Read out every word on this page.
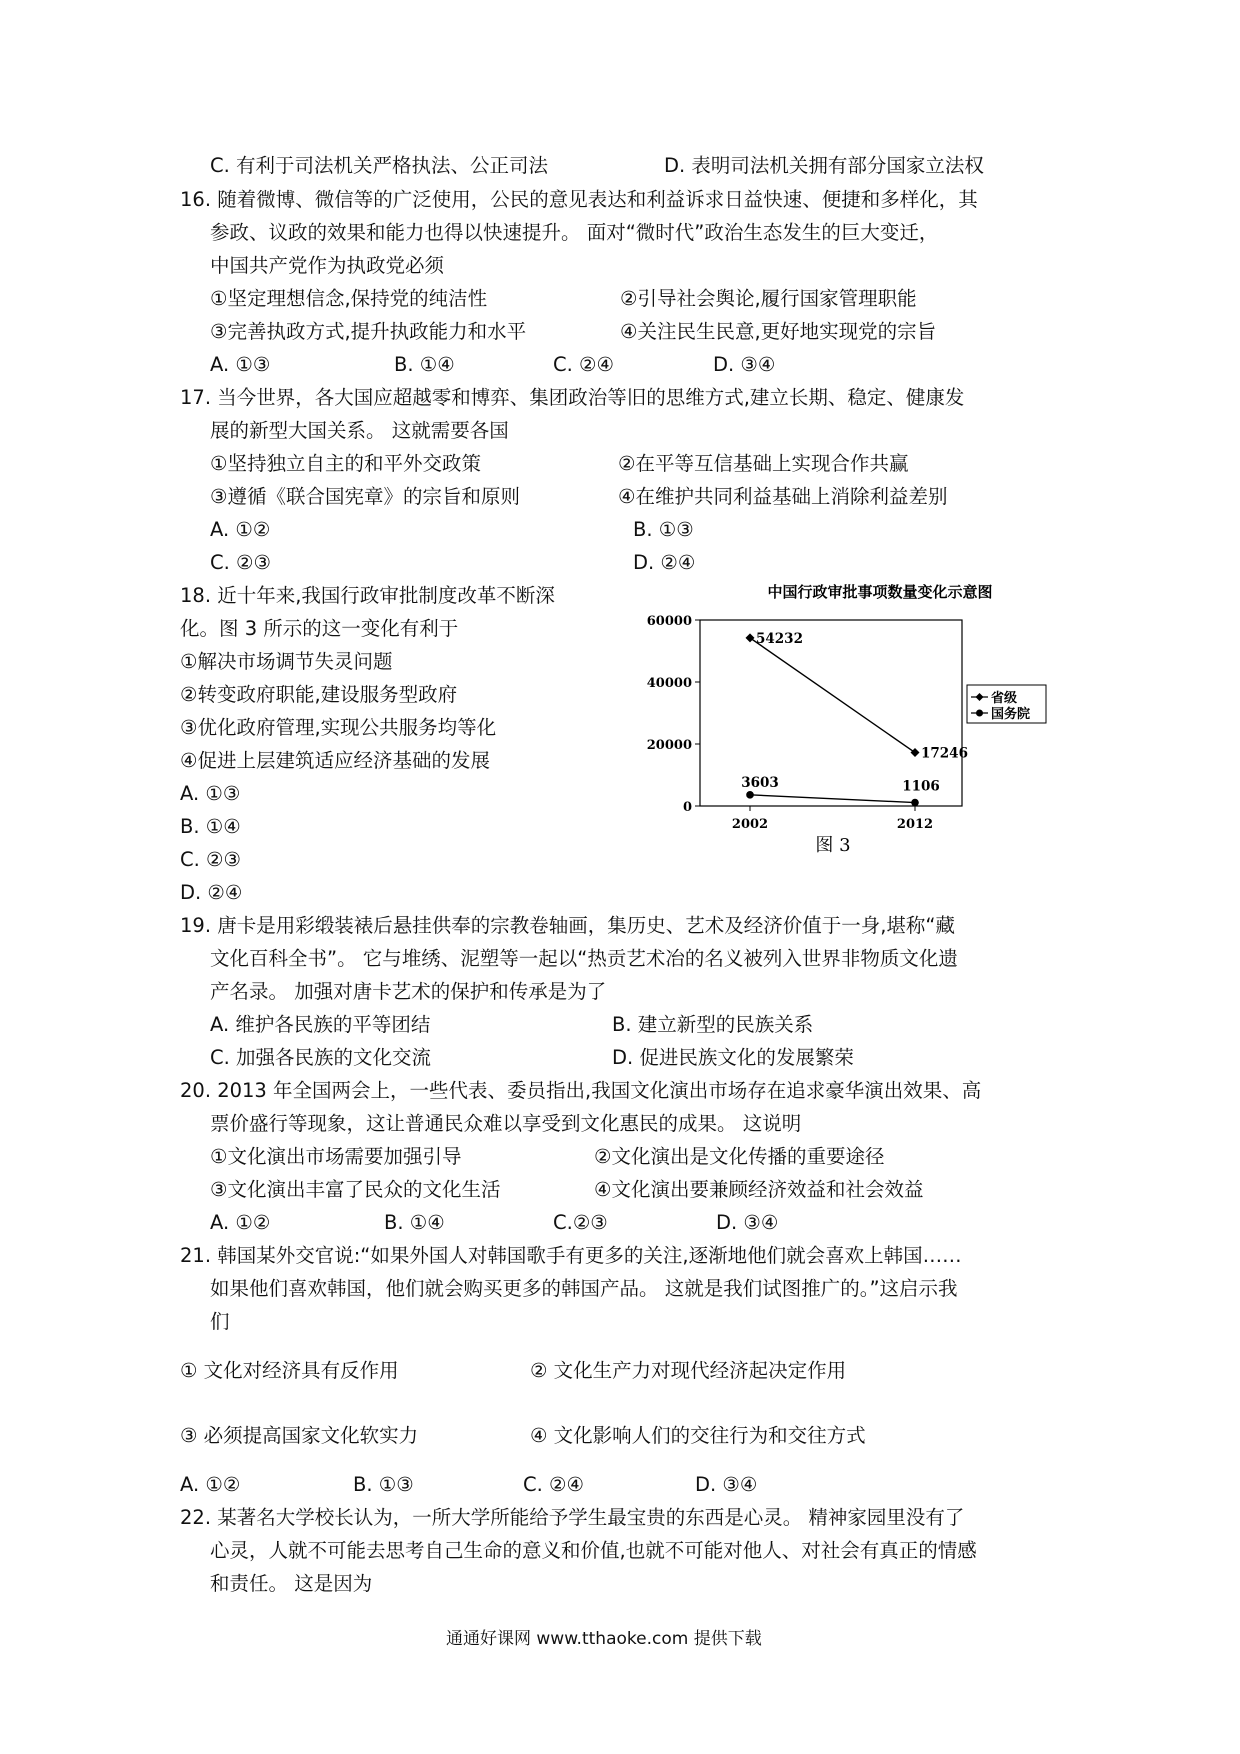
C. 有利于司法机关严格执法、公正司法	D. 表明司法机关拥有部分国家立法权
16. 随着微博、微信等的广泛使用，公民的意见表达和利益诉求日益快速、便捷和多样化，其
参政、议政的效果和能力也得以快速提升。 面对“微时代”政治生态发生的巨大变迁，
中国共产党作为执政党必须
①坚定理想信念,保持党的纯洁性	②引导社会舆论,履行国家管理职能
③完善执政方式,提升执政能力和水平	④关注民生民意,更好地实现党的宗旨
A. ①③	B. ①④	C. ②④	D. ③④
17. 当今世界，各大国应超越零和博弈、集团政治等旧的思维方式,建立长期、稳定、健康发
展的新型大国关系。 这就需要各国
①坚持独立自主的和平外交政策	②在平等互信基础上实现合作共赢
③遵循《联合国宪章》的宗旨和原则	④在维护共同利益基础上消除利益差别
A. ①②	B. ①③
C. ②③	D. ②④
18. 近十年来,我国行政审批制度改革不断深
化。图 3 所示的这一变化有利于
①解决市场调节失灵问题
②转变政府职能,建设服务型政府
③优化政府管理,实现公共服务均等化
④促进上层建筑适应经济基础的发展
A. ①③
B. ①④
C. ②③
D. ②④
19. 唐卡是用彩缎装裱后悬挂供奉的宗教卷轴画，集历史、艺术及经济价值于一身,堪称“藏
文化百科全书”。 它与堆绣、泥塑等一起以“热贡艺术冶的名义被列入世界非物质文化遗
产名录。 加强对唐卡艺术的保护和传承是为了
A. 维护各民族的平等团结	B. 建立新型的民族关系
C. 加强各民族的文化交流	D. 促进民族文化的发展繁荣
20. 2013 年全国两会上，一些代表、委员指出,我国文化演出市场存在追求豪华演出效果、高
票价盛行等现象，这让普通民众难以享受到文化惠民的成果。 这说明
①文化演出市场需要加强引导	②文化演出是文化传播的重要途径
③文化演出丰富了民众的文化生活	④文化演出要兼顾经济效益和社会效益
A. ①②	B. ①④	C.②③	D. ③④
21. 韩国某外交官说:“如果外国人对韩国歌手有更多的关注,逐渐地他们就会喜欢上韩国……
如果他们喜欢韩国，他们就会购买更多的韩国产品。 这就是我们试图推广的。”这启示我
们
① 文化对经济具有反作用	② 文化生产力对现代经济起决定作用
③ 必须提高国家文化软实力	④ 文化影响人们的交往行为和交往方式
A. ①②	B. ①③	C. ②④	D. ③④
22. 某著名大学校长认为，一所大学所能给予学生最宝贵的东西是心灵。 精神家园里没有了
心灵，人就不可能去思考自己生命的意义和价值,也就不可能对他人、对社会有真正的情感
和责任。 这是因为
通通好课网 www.tthaoke.com 提供下载
中国行政审批事项数量变化示意图
0
20000
40000
60000
2002	2012
54232
17246
3603	1106
省级
国务院
图 3
